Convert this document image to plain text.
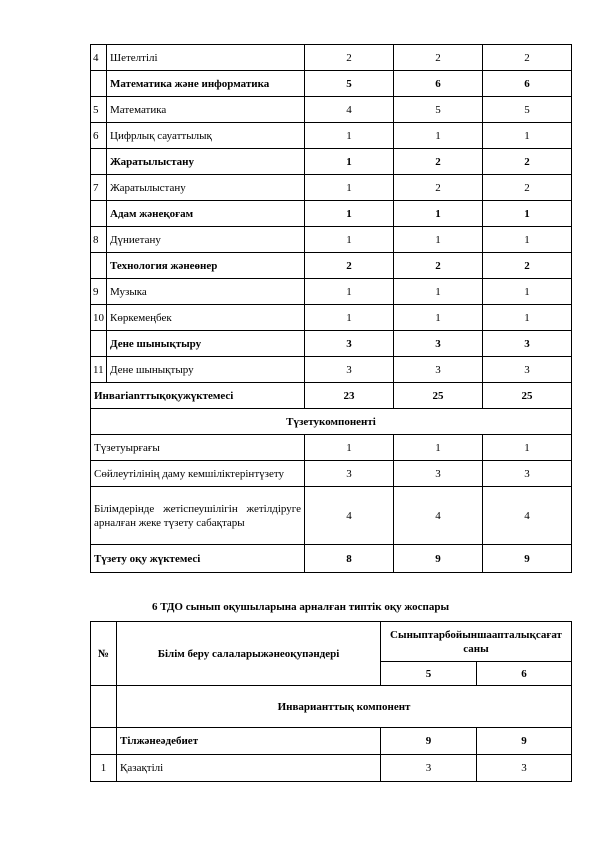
4	Шетелтілі	2	2	2
	Математика және информатика	5	6	6
5	Математика	4	5	5
6	Цифрлық сауаттылық	1	1	1
	Жаратылыстану	1	2	2
7	Жаратылыстану	1	2	2
	Адам жәнеқоғам	1	1	1
8	Дүниетану	1	1	1
	Технология жәнеөнер	2	2	2
9	Музыка	1	1	1
10	Көркемеңбек	1	1	1
	Дене шынықтыру	3	3	3
11	Дене шынықтыру	3	3	3
Инвarianттықоқужүктемесі		23	25	25
Түзетукомпоненті				
Түзетуырғағы		1	1	1
Сөйлеутілінің даму кемшіліктерінтүзету		3	3	3
Білімдерінде жетіспеушілігін жетілдіруге арналған жеке түзету сабақтары		4	4	4
Түзету оқу жүктемесі		8	9	9
6 ТДО сынып оқушыларына арналған типтік оқу жоспары
№	Білім беру салаларыжәнеоқупәндері	Сыныптарбойыншаапталықсағат саны	
		5	6
	Инварианттық компонент		
	Тілжәнеәдебиет	9	9
1	Қазақтілі	3	3
